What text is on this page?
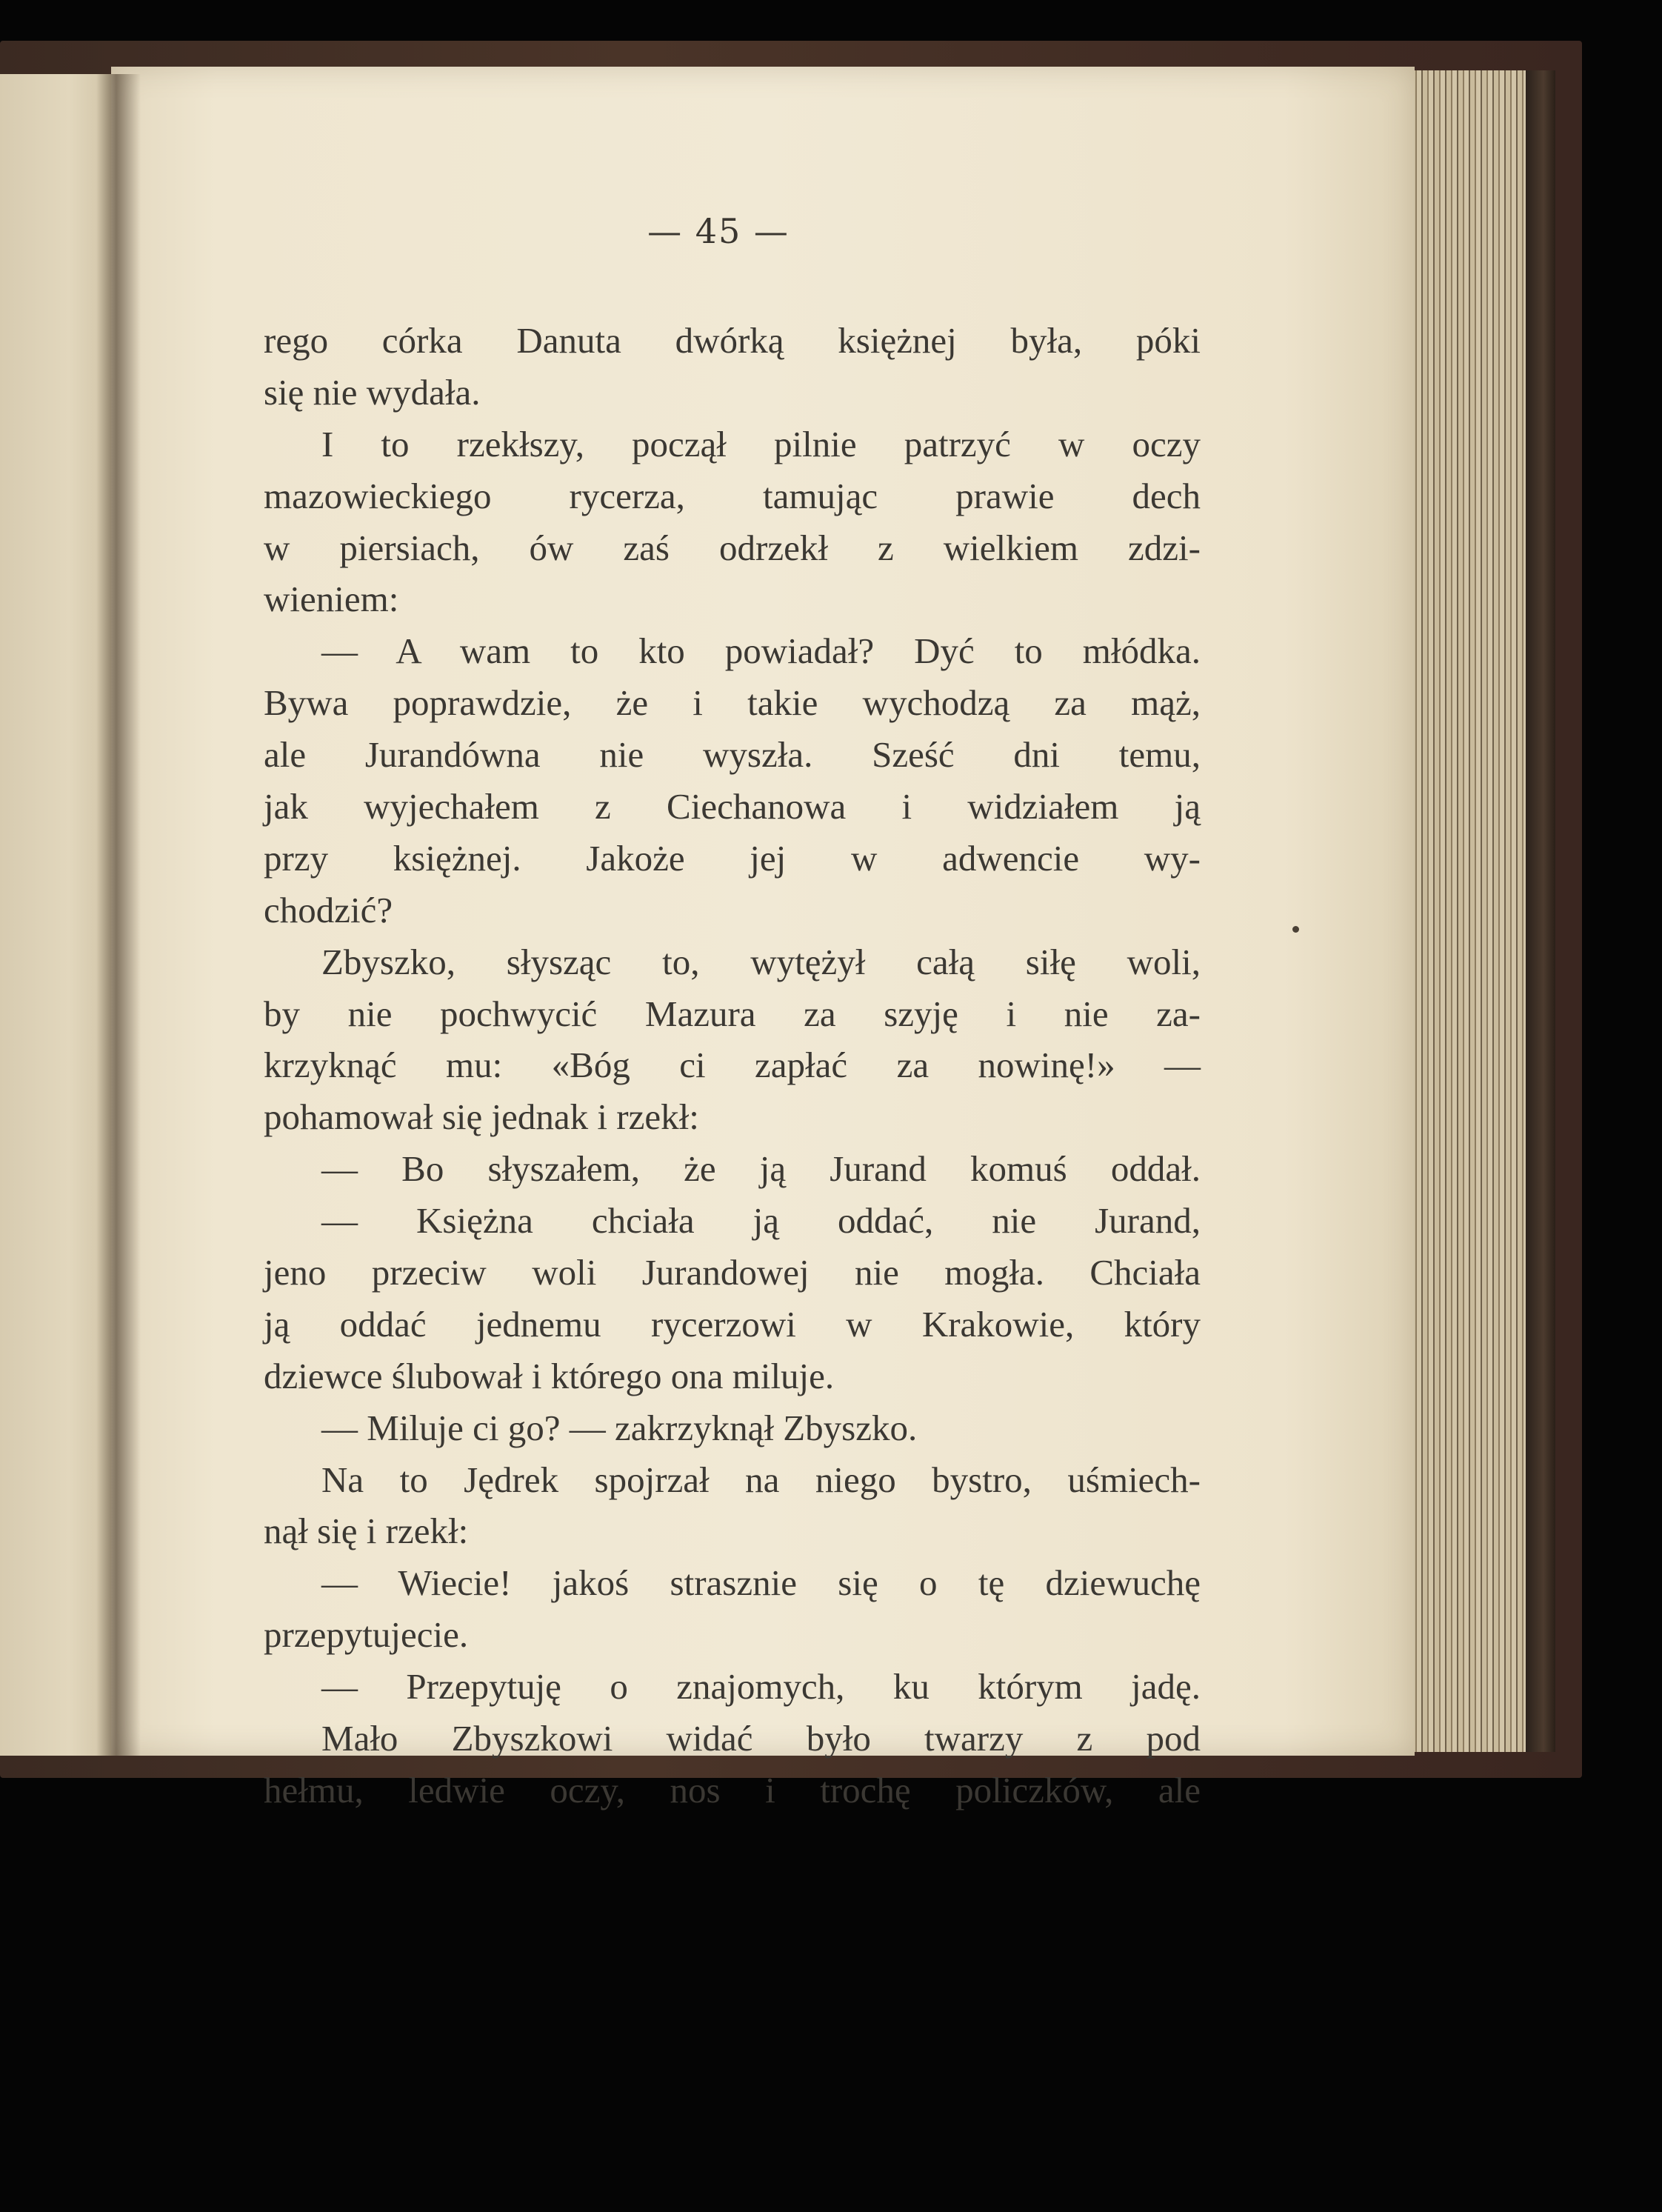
— 45 —
rego córka Danuta dwórką księżnej była, póki
się nie wydała.
I to rzekłszy, począł pilnie patrzyć w oczy
mazowieckiego rycerza, tamując prawie dech
w piersiach, ów zaś odrzekł z wielkiem zdzi-
wieniem:
— A wam to kto powiadał? Dyć to młódka.
Bywa poprawdzie, że i takie wychodzą za mąż,
ale Jurandówna nie wyszła. Sześć dni temu,
jak wyjechałem z Ciechanowa i widziałem ją
przy księżnej. Jakoże jej w adwencie wy-
chodzić?
Zbyszko, słysząc to, wytężył całą siłę woli,
by nie pochwycić Mazura za szyję i nie za-
krzyknąć mu: «Bóg ci zapłać za nowinę!» —
pohamował się jednak i rzekł:
— Bo słyszałem, że ją Jurand komuś oddał.
— Księżna chciała ją oddać, nie Jurand,
jeno przeciw woli Jurandowej nie mogła. Chciała
ją oddać jednemu rycerzowi w Krakowie, który
dziewce ślubował i którego ona miluje.
— Miluje ci go? — zakrzyknął Zbyszko.
Na to Jędrek spojrzał na niego bystro, uśmiech-
nął się i rzekł:
— Wiecie! jakoś strasznie się o tę dziewuchę
przepytujecie.
— Przepytuję o znajomych, ku którym jadę.
Mało Zbyszkowi widać było twarzy z pod
hełmu, ledwie oczy, nos i trochę policzków, ale
